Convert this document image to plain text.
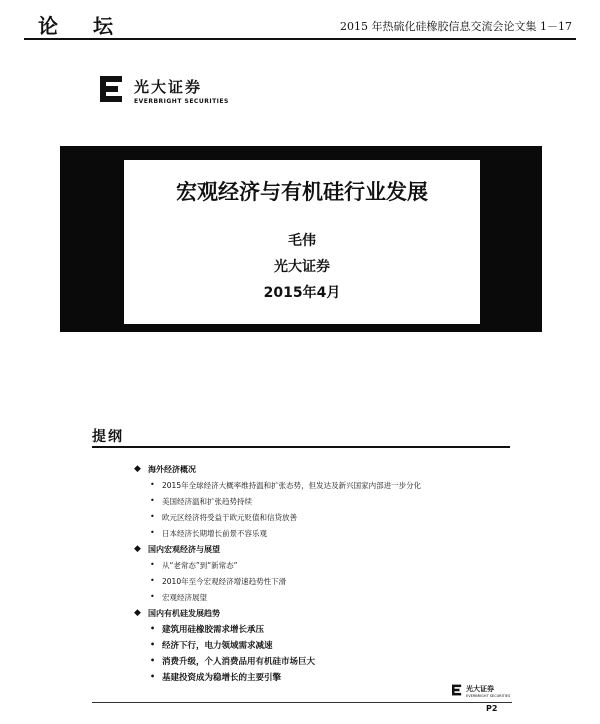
论 坛	2015 年热硫化硅橡胶信息交流会论文集 1－17
光大证券
EVERBRIGHT SECURITIES
宏观经济与有机硅行业发展
毛伟
光大证券
2015年4月
提纲
◆ 海外经济概况
• 2015年全球经济大概率维持温和扩张态势，但发达及新兴国家内部进一步分化
• 美国经济温和扩张趋势持续
• 欧元区经济将受益于欧元贬值和信贷放善
• 日本经济长期增长前景不容乐观
◆ 国内宏观经济与展望
• 从“老常态”到“新常态”
• 2010年至今宏观经济增速趋势性下滑
• 宏观经济展望
◆ 国内有机硅发展趋势
• 建筑用硅橡胶需求增长承压
• 经济下行，电力领域需求减速
• 消费升级，个人消费品用有机硅市场巨大
• 基建投资成为稳增长的主要引擎
光大证券
EVERBRIGHT SECURITIES
P2
